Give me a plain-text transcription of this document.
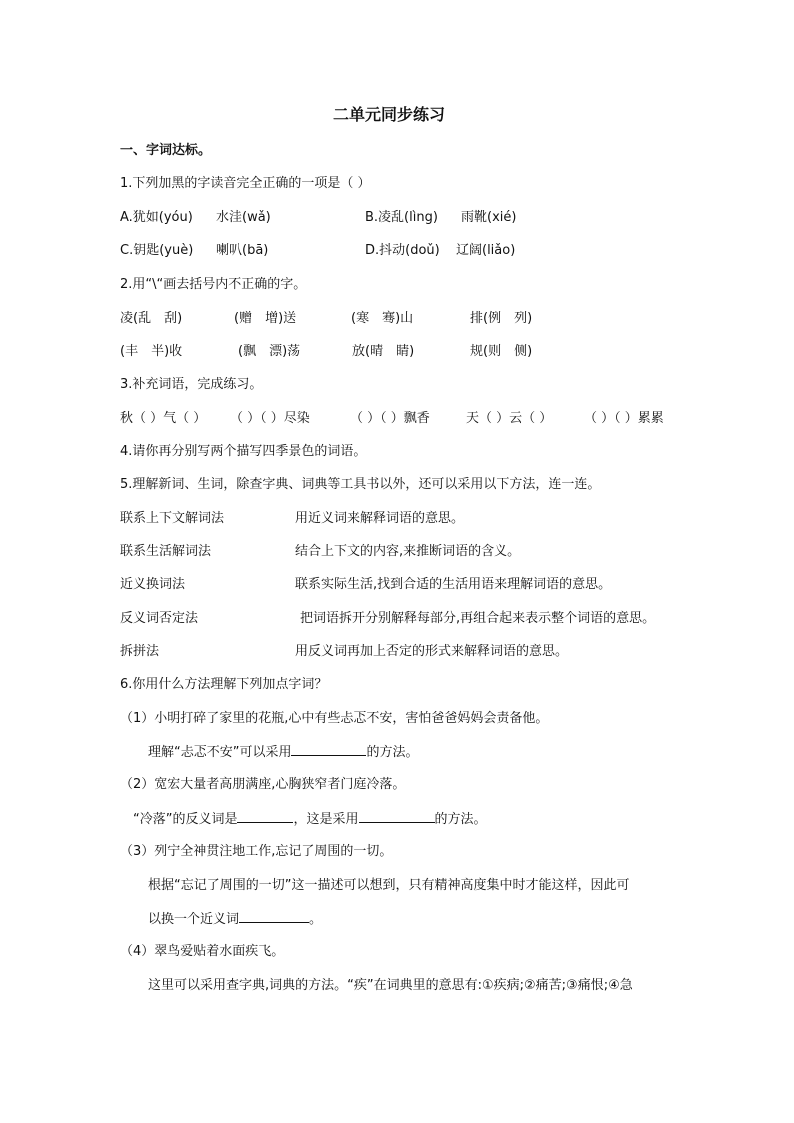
二单元同步练习
一、字词达标。
1.下列加黑的字读音完全正确的一项是（ ）
A.犹如(yóu) 水洼(wǎ)	B.凌乱(lìng) 雨靴(xié)
C.钥匙(yuè) 喇叭(bā)	D.抖动(doǔ) 辽阔(liǎo)
2.用“\“画去括号内不正确的字。
凌(乱　刮)	(赠　增)送	(寒　骞)山	排(例　列)
(丰　半)收	(飘　漂)荡	放(晴　睛)	规(则　侧)
3.补充词语，完成练习。
秋（ ）气（ ） （ ）（ ）尽染	（ ）（ ）飘香	天（ ）云（ ） （ ）（ ）累累
4.请你再分别写两个描写四季景色的词语。
5.理解新词、生词，除查字典、词典等工具书以外，还可以采用以下方法，连一连。
联系上下文解词法	用近义词来解释词语的意思。
联系生活解词法	结合上下文的内容,来推断词语的含义。
近义换词法	联系实际生活,找到合适的生活用语来理解词语的意思。
反义词否定法	把词语拆开分别解释每部分,再组合起来表示整个词语的意思。
拆拼法	用反义词再加上否定的形式来解释词语的意思。
6.你用什么方法理解下列加点字词？
（1）小明打碎了家里的花瓶,心中有些忐忑不安，害怕爸爸妈妈会责备他。
理解“忐忑不安”可以采用	的方法。
（2）宽宏大量者高朋满座,心胸狭窄者门庭冷落。
“冷落”的反义词是	，这是采用	的方法。
（3）列宁全神贯注地工作,忘记了周围的一切。
根据“忘记了周围的一切”这一描述可以想到，只有精神高度集中时才能这样，因此可
以换一个近义词	。
（4）翠鸟爱贴着水面疾飞。
这里可以采用查字典,词典的方法。“疾”在词典里的意思有:①疾病;②痛苦;③痛恨;④急
